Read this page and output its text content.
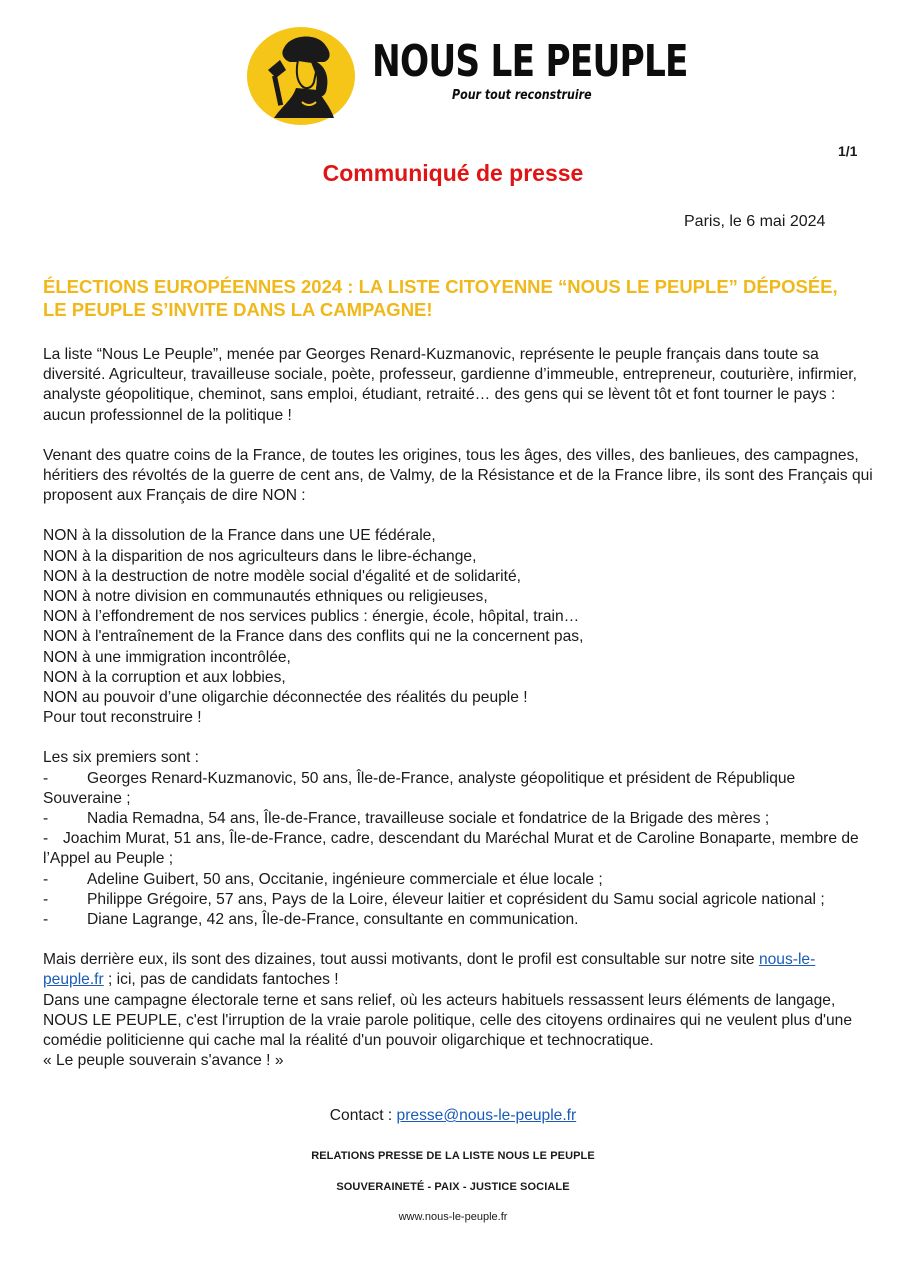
NOUS LE PEUPLE
Pour tout reconstruire
1/1
Communiqué de presse
Paris, le 6 mai 2024
ÉLECTIONS EUROPÉENNES 2024 : LA LISTE CITOYENNE “NOUS LE PEUPLE” DÉPOSÉE, LE PEUPLE S’INVITE DANS LA CAMPAGNE!

La liste “Nous Le Peuple”, menée par Georges Renard-Kuzmanovic, représente le peuple français dans toute sa diversité. Agriculteur, travailleuse sociale, poète, professeur, gardienne d’immeuble, entrepreneur, couturière, infirmier, analyste géopolitique, cheminot, sans emploi, étudiant, retraité… des gens qui se lèvent tôt et font tourner le pays : aucun professionnel de la politique !

Venant des quatre coins de la France, de toutes les origines, tous les âges, des villes, des banlieues, des campagnes, héritiers des révoltés de la guerre de cent ans, de Valmy, de la Résistance et de la France libre, ils sont des Français qui proposent aux Français de dire NON :

NON à la dissolution de la France dans une UE fédérale,
NON à la disparition de nos agriculteurs dans le libre-échange,
NON à la destruction de notre modèle social d'égalité et de solidarité,
NON à notre division en communautés ethniques ou religieuses,
NON à l’effondrement de nos services publics : énergie, école, hôpital, train…
NON à l'entraînement de la France dans des conflits qui ne la concernent pas,
NON à une immigration incontrôlée,
NON à la corruption et aux lobbies,
NON au pouvoir d’une oligarchie déconnectée des réalités du peuple !
Pour tout reconstruire !

Les six premiers sont :
- Georges Renard-Kuzmanovic, 50 ans, Île-de-France, analyste géopolitique et président de République Souveraine ;
- Nadia Remadna, 54 ans, Île-de-France, travailleuse sociale et fondatrice de la Brigade des mères ;
- Joachim Murat, 51 ans, Île-de-France, cadre, descendant du Maréchal Murat et de Caroline Bonaparte, membre de l’Appel au Peuple ;
- Adeline Guibert, 50 ans, Occitanie, ingénieure commerciale et élue locale ;
- Philippe Grégoire, 57 ans, Pays de la Loire, éleveur laitier et coprésident du Samu social agricole national ;
- Diane Lagrange, 42 ans, Île-de-France, consultante en communication.

Mais derrière eux, ils sont des dizaines, tout aussi motivants, dont le profil est consultable sur notre site nous-le-peuple.fr ; ici, pas de candidats fantoches !
Dans une campagne électorale terne et sans relief, où les acteurs habituels ressassent leurs éléments de langage, NOUS LE PEUPLE, c'est l'irruption de la vraie parole politique, celle des citoyens ordinaires qui ne veulent plus d'une comédie politicienne qui cache mal la réalité d'un pouvoir oligarchique et technocratique.
« Le peuple souverain s'avance ! »

Contact : presse@nous-le-peuple.fr
RELATIONS PRESSE DE LA LISTE NOUS LE PEUPLE
SOUVERAINETÉ - PAIX - JUSTICE SOCIALE
www.nous-le-peuple.fr
